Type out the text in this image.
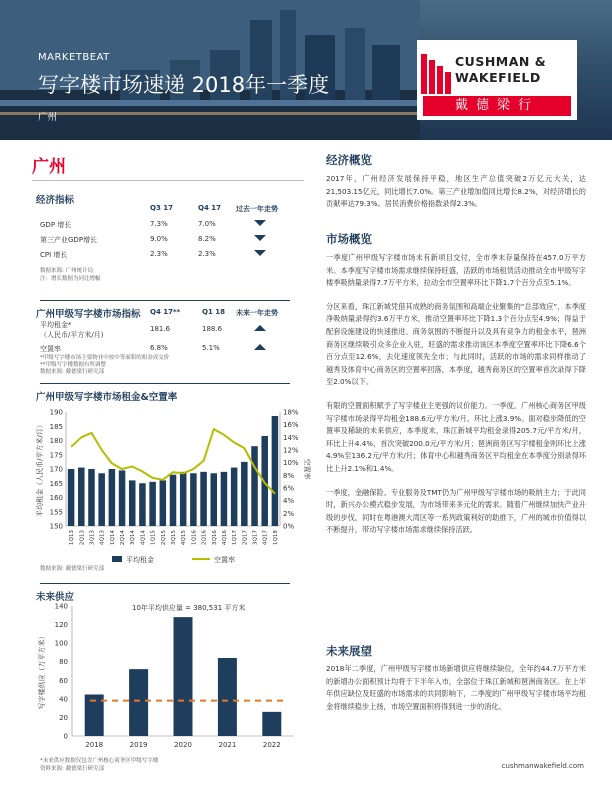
MARKETBEAT
写字楼市场速递 2018年一季度
广州
CUSHMAN &
WAKEFIELD
戴德梁行
广州
经济指标
Q3 17	Q4 17 过去一年走势
GDP 增长	7.3%	7.0%
第三产业GDP增长	9.0%	8.2%
CPI 增长	2.3%	2.3%
数据来源: 广州统计局
注：增长数据为同比增幅
广州甲级写字楼市场指标 Q4 17**	Q1 18 未来一年走势
平均租金*
（人民币/平方米/月)
181.6	188.6
空置率	6.8%	5.1%
*甲级写字楼市场主要物业中按中等面积的租金成交价
**甲级写字楼数据有所调整
数据来源: 戴德梁行研究部
广州甲级写字楼市场租金&空置率
150
155
160
165
170
175
180
185
190
0%
2%
4%
6%
8%
10%
12%
14%
16%
18%
1Q13 2Q13 3Q13 4Q13 1Q14 2Q14 3Q14 4Q14 1Q15 2Q15 3Q15 4Q15 1Q16 2Q16 3Q16 4Q16 1Q17 2Q17 3Q17 4Q17 1Q18
平均租金（人民币/平方米/月）	空置率
平均租金	空置率
数据来源: 戴德梁行研究部
未来供应
0
20
40
60
80
100
120
140	10年平均供应量 = 380,531 平方米
2018	2019	2020	2021	2022
写字楼供应（万平方米）
*未来供应数据仅包含广州核心商务区甲级写字楼
资料来源: 戴德梁行研究部
经济概览
2017年，广州经济发展保持平稳，地区生产总值突破2万亿元大关，达21,503.15亿元，同比增长7.0%。第三产业增加值同比增长8.2%，对经济增长的贡献率达79.3%。居民消费价格指数录得2.3%。
市场概览
一季度广州甲级写字楼市场未有新项目交付，全市季末存量保持在457.0万平方米。本季度写字楼市场需求继续保持旺盛，活跃的市场租赁活动推动全市甲级写字楼季吸纳量录得7.7万平方米，拉动全市空置率环比下降1.7个百分点至5.1%。
分区来看，珠江新城凭借其成熟的商务氛围和高端企业聚集的“总部效应”，本季度净吸纳量录得约3.6万平方米，推动空置率环比下降1.3个百分点至4.9%；得益于配套设施建设的快速推进、商务氛围的不断提升以及具有竞争力的租金水平，琶洲商务区继续吸引众多企业入驻，旺盛的需求推动该区本季度空置率环比下降6.6个百分点至12.6%，去化速度领先全市；与此同时，活跃的市场的需求同样推动了越秀及体育中心商务区的空置率回落，本季度，越秀商务区的空置率首次录得下降至2.0%以下。
有限的空置面积赋予了写字楼业主更强的议价能力。一季度，广州核心商务区甲级写字楼市场录得平均租金188.6元/平方米/月，环比上涨3.9%。面对稳步降低的空置率及稀缺的未来供应，本季度末，珠江新城平均租金录得205.7元/平方米/月，环比上升4.4%，首次突破200.0元/平方米/月；琶洲商务区写字楼租金则环比上涨4.9%至136.2元/平方米/月；体育中心和越秀商务区平均租金在本季度分别录得环比上升2.1%和1.4%。
一季度，金融保险、专业服务及TMT仍为广州甲级写字楼市场的吸纳主力；于此同时，新兴办公模式稳步发展，为市场带来多元化的需求。随着广州继续加快产业升级的步伐，同时在粤港澳大湾区等一系列政策利好的助推下，广州的城市价值得以不断提升，带动写字楼市场需求继续保持活跃。
未来展望
2018年二季度，广州甲级写字楼市场新增供应将继续缺位，全年约44.7万平方米的新增办公面积预计均将于下半年入市，全部位于珠江新城和琶洲商务区。在上半年供应缺位及旺盛的市场需求的共同影响下，二季度的广州甲级写字楼市场平均租金将继续稳步上扬，市场空置面积将得到进一步的消化。
cushmanwakefield.com
